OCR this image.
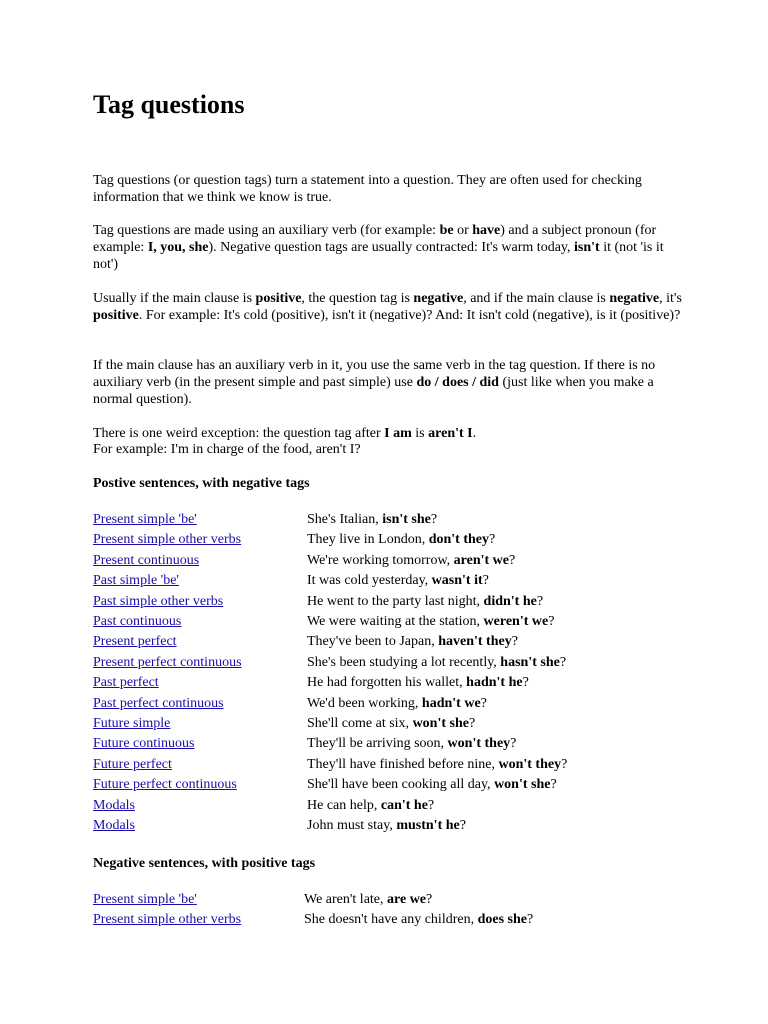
Tag questions

Tag questions (or question tags) turn a statement into a question. They are often used for checking information that we think we know is true.

Tag questions are made using an auxiliary verb (for example: be or have) and a subject pronoun (for example: I, you, she). Negative question tags are usually contracted: It's warm today, isn't it (not 'is it not')

Usually if the main clause is positive, the question tag is negative, and if the main clause is negative, it's positive. For example: It's cold (positive), isn't it (negative)? And: It isn't cold (negative), is it (positive)?

If the main clause has an auxiliary verb in it, you use the same verb in the tag question. If there is no auxiliary verb (in the present simple and past simple) use do / does / did (just like when you make a normal question).

There is one weird exception: the question tag after I am is aren't I.

For example: I'm in charge of the food, aren't I?

Postive sentences, with negative tags

Present simple 'be'	She's Italian, isn't she?
Present simple other verbs	They live in London, don't they?
Present continuous	We're working tomorrow, aren't we?
Past simple 'be'	It was cold yesterday, wasn't it?
Past simple other verbs	He went to the party last night, didn't he?
Past continuous	We were waiting at the station, weren't we?
Present perfect	They've been to Japan, haven't they?
Present perfect continuous	She's been studying a lot recently, hasn't she?
Past perfect	He had forgotten his wallet, hadn't he?
Past perfect continuous	We'd been working, hadn't we?
Future simple	She'll come at six, won't she?
Future continuous	They'll be arriving soon, won't they?
Future perfect	They'll have finished before nine, won't they?
Future perfect continuous	She'll have been cooking all day, won't she?
Modals	He can help, can't he?
Modals	John must stay, mustn't he?

Negative sentences, with positive tags

Present simple 'be'	We aren't late, are we?
Present simple other verbs	She doesn't have any children, does she?
